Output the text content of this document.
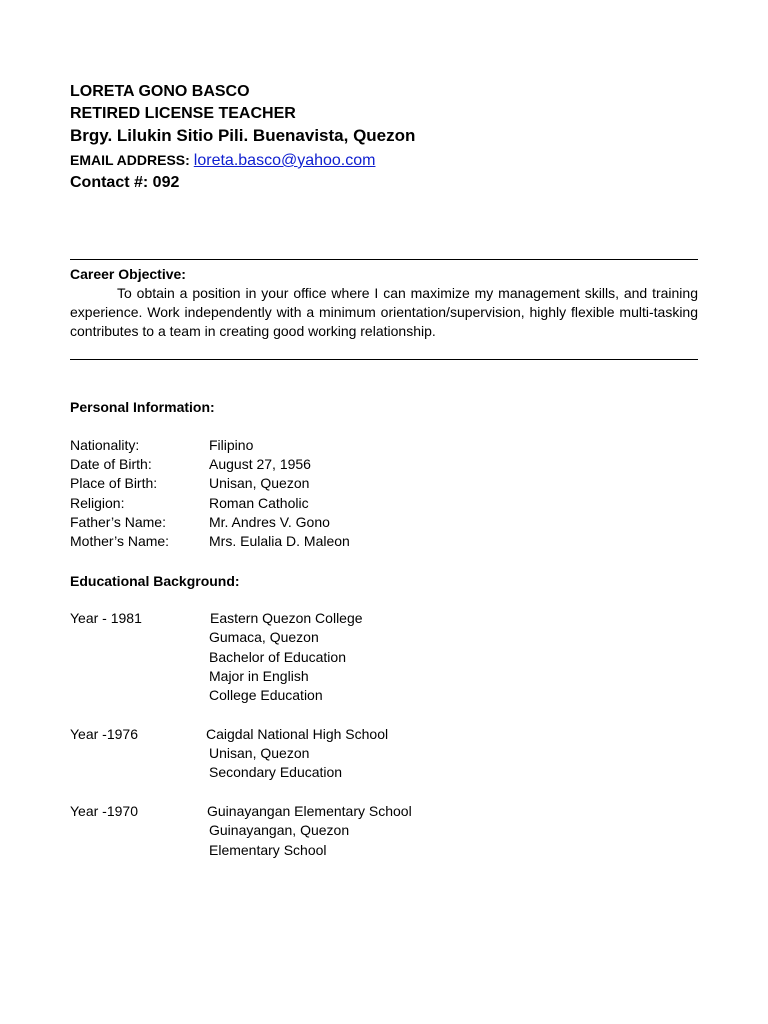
LORETA GONO BASCO
RETIRED LICENSE TEACHER
Brgy. Lilukin Sitio Pili. Buenavista, Quezon
EMAIL ADDRESS: loreta.basco@yahoo.com
Contact #: 092
Career Objective:
To obtain a position in your office where I can maximize my management skills, and training experience. Work independently with a minimum orientation/supervision, highly flexible multi-tasking contributes to a team in creating good working relationship.
Personal Information:
Nationality:	Filipino
Date of Birth:	August 27, 1956
Place of Birth:	Unisan, Quezon
Religion:	Roman Catholic
Father’s Name:	Mr. Andres V. Gono
Mother’s Name:	Mrs. Eulalia D. Maleon
Educational Background:
Year - 1981	Eastern Quezon College
Gumaca, Quezon
Bachelor of Education
Major in English
College Education
Year -1976	Caigdal National High School
Unisan, Quezon
Secondary Education
Year -1970	Guinayangan Elementary School
Guinayangan, Quezon
Elementary School
